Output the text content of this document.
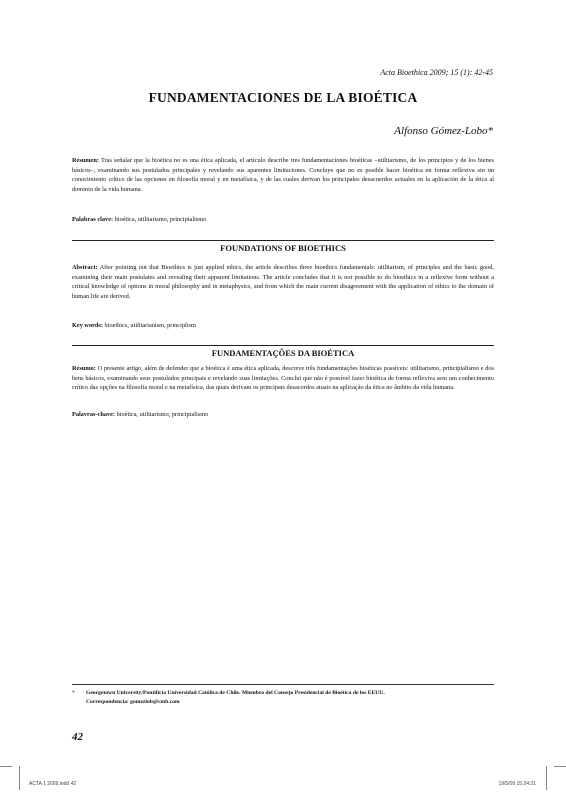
Acta Bioethica 2009; 15 (1): 42-45
FUNDAMENTACIONES DE LA BIOÉTICA
Alfonso Gómez-Lobo*
Resumen: Tras señalar que la bioética no es una ética aplicada, el artículo describe tres fundamentaciones bioéticas –utilitarismo, de los principios y de los bienes básicos–, examinando sus postulados principales y revelando sus aparentes limitaciones. Concluye que no es posible hacer bioética en forma reflexiva sin un conocimiento crítico de las opciones en filosofía moral y en metafísica, y de las cuales derivan los principales desacuerdos actuales en la aplicación de la ética al dominio de la vida humana.
Palabras clave: bioética, utilitarismo, principialismo
FOUNDATIONS OF BIOETHICS
Abstract: After pointing out that Bioethics is just applied ethics, the article describes three bioethics fundamentals: utilitarism, of principles and the basic good, examining their main postulates and revealing their apparent limitations. The article concludes that it is not possible to do bioethics in a reflexive form without a critical knowledge of options in moral philosophy and in metaphysics, and from which the main current disagreement with the application of ethics to the domain of human life are derived.
Key words: bioethics, utilitarianism, principlism
FUNDAMENTAÇÕES DA BIOÉTICA
Resumo: O presente artigo, além de defender que a bioética é uma ética aplicada, descreve três fundamentações bioéticas possíveis: utilitarismo, principialismo e dos bens básicos, examinando seus postulados principais e revelando suas limitações. Conclui que não é possível fazer bioética de forma reflexiva sem um conhecimento crítico das opções na filosofia moral e na metafísica, das quais derivam os principais desacordos atuais na aplicação da ética no âmbito da vida humana.
Palavras-chave: bioética, utilitarismo, principialismo
* Georgetown University/Pontificia Universidad Católica de Chile. Miembro del Consejo Presidencial de Bioética de los EEUU.
Correspondencia: gomezlob@cmb.com
42
ACTA 1 2009.indd 42	19/5/09 15:24:31
